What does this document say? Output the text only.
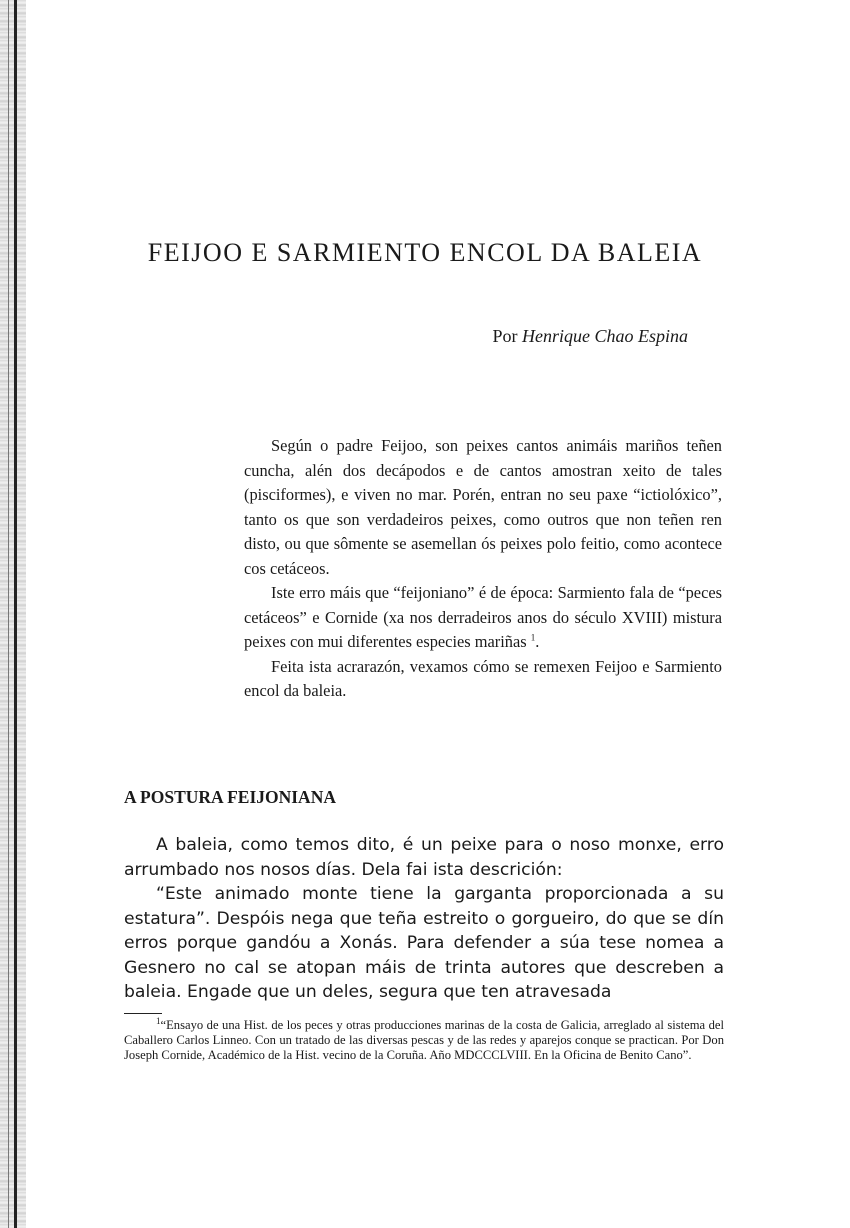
FEIJOO E SARMIENTO ENCOL DA BALEIA
Por Henrique Chao Espina

Según o padre Feijoo, son peixes cantos animáis mariños teñen cuncha, alén dos decápodos e de cantos amostran xeito de tales (pisciformes), e viven no mar. Porén, entran no seu paxe “ictiolóxico”, tanto os que son verdadeiros peixes, como outros que non teñen ren disto, ou que sômente se asemellan ós peixes polo feitio, como acontece cos cetáceos.

Iste erro máis que “feijoniano” é de época: Sarmiento fala de “peces cetáceos” e Cornide (xa nos derradeiros anos do século XVIII) mistura peixes con mui diferentes especies mariñas $^1$.

Feita ista acrarazón, vexamos cómo se remexen Feijoo e Sarmiento encol da baleia.

A POSTURA FEIJONIANA

A baleia, como temos dito, é un peixe para o noso monxe, erro arrumbado nos nosos días. Dela fai ista descrición:

“Este animado monte tiene la garganta proporcionada a su estatura”. Despóis nega que teña estreito o gorgueiro, do que se dín erros porque gandóu a Xonás. Para defender a súa tese nomea a Gesnero no cal se atopan máis de trinta autores que descreben a baleia. Engade que un deles, segura que ten atravesada

$^1$“Ensayo de una Hist. de los peces y otras producciones marinas de la costa de Galicia, arreglado al sistema del Caballero Carlos Linneo. Con un tratado de las diversas pescas y de las redes y aparejos conque se practican. Por Don Joseph Cornide, Académico de la Hist. vecino de la Coruña. Año MDCCCLVIII. En la Oficina de Benito Cano”.
